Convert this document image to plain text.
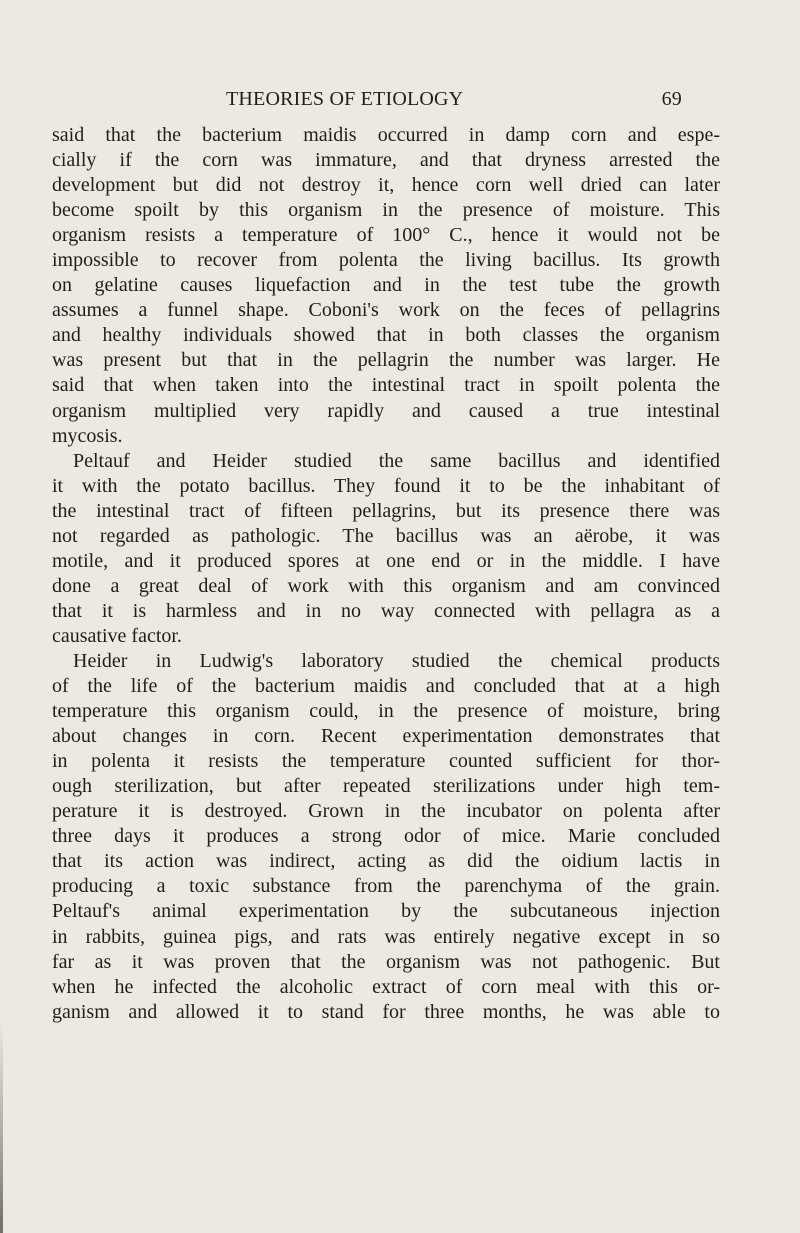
THEORIES OF ETIOLOGY	69
said that the bacterium maidis occurred in damp corn and espe-
cially if the corn was immature, and that dryness arrested the
development but did not destroy it, hence corn well dried can later
become spoilt by this organism in the presence of moisture. This
organism resists a temperature of 100° C., hence it would not be
impossible to recover from polenta the living bacillus. Its growth
on gelatine causes liquefaction and in the test tube the growth
assumes a funnel shape. Coboni's work on the feces of pellagrins
and healthy individuals showed that in both classes the organism
was present but that in the pellagrin the number was larger. He
said that when taken into the intestinal tract in spoilt polenta the
organism multiplied very rapidly and caused a true intestinal
mycosis.
Peltauf and Heider studied the same bacillus and identified
it with the potato bacillus. They found it to be the inhabitant of
the intestinal tract of fifteen pellagrins, but its presence there was
not regarded as pathologic. The bacillus was an aërobe, it was
motile, and it produced spores at one end or in the middle. I have
done a great deal of work with this organism and am convinced
that it is harmless and in no way connected with pellagra as a
causative factor.
Heider in Ludwig's laboratory studied the chemical products
of the life of the bacterium maidis and concluded that at a high
temperature this organism could, in the presence of moisture, bring
about changes in corn. Recent experimentation demonstrates that
in polenta it resists the temperature counted sufficient for thor-
ough sterilization, but after repeated sterilizations under high tem-
perature it is destroyed. Grown in the incubator on polenta after
three days it produces a strong odor of mice. Marie concluded
that its action was indirect, acting as did the oidium lactis in
producing a toxic substance from the parenchyma of the grain.
Peltauf's animal experimentation by the subcutaneous injection
in rabbits, guinea pigs, and rats was entirely negative except in so
far as it was proven that the organism was not pathogenic. But
when he infected the alcoholic extract of corn meal with this or-
ganism and allowed it to stand for three months, he was able to
